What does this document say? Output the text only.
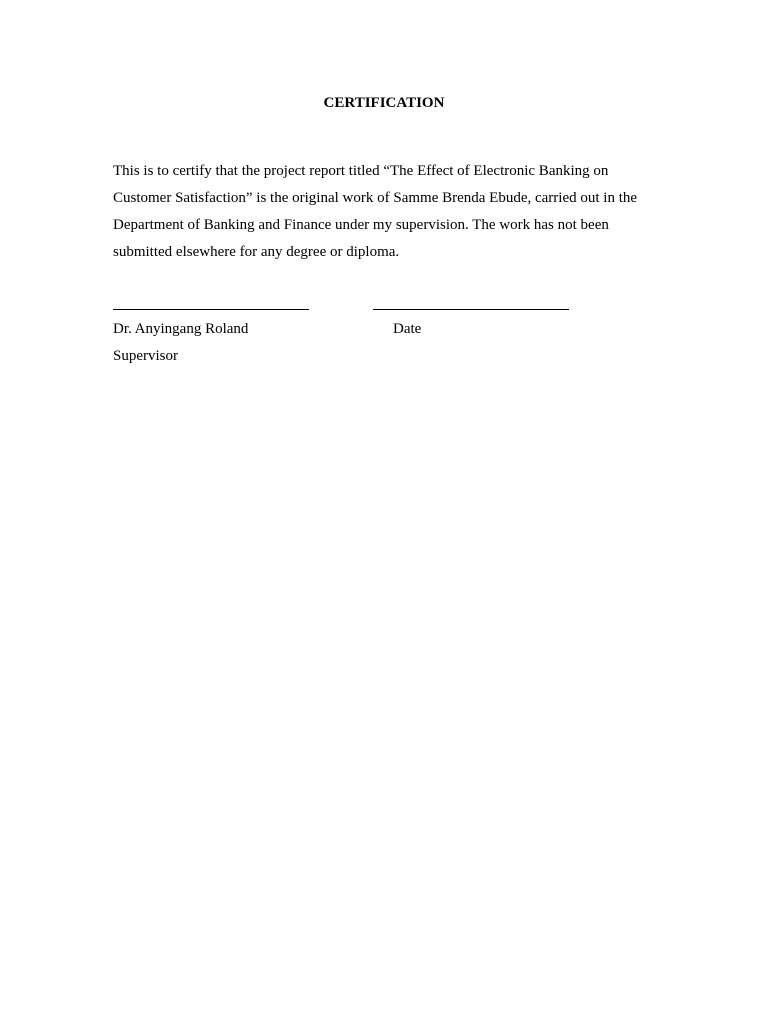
CERTIFICATION

This is to certify that the project report titled “The Effect of Electronic Banking on
Customer Satisfaction” is the original work of Samme Brenda Ebude, carried out in the
Department of Banking and Finance under my supervision. The work has not been
submitted elsewhere for any degree or diploma.

Dr. Anyingang Roland	Date
Supervisor
